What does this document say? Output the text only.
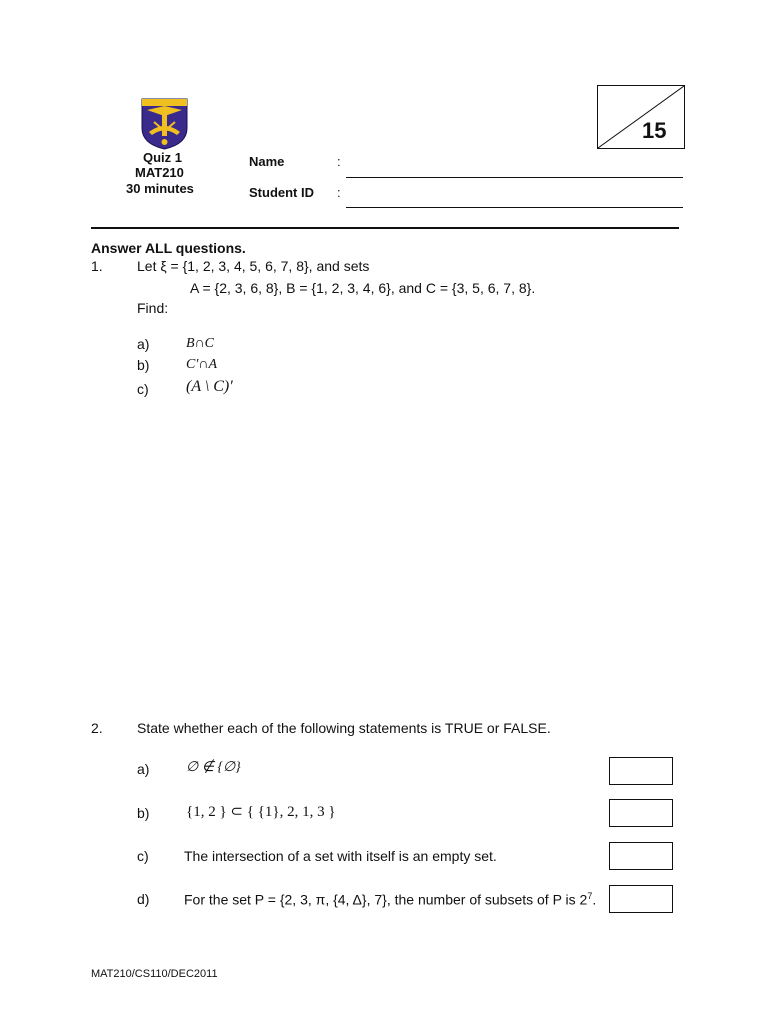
Quiz 1
MAT210
30 minutes
Name	:
Student ID :
15
Answer ALL questions.
1. Let ξ = {1, 2, 3, 4, 5, 6, 7, 8}, and sets
A = {2, 3, 6, 8}, B = {1, 2, 3, 4, 6}, and C = {3, 5, 6, 7, 8}.
Find:
a)	B∩C
b)	C′∩A
c) (A \ C)′
2. State whether each of the following statements is TRUE or FALSE.
a)	∅ ∉ {∅}
b) {1, 2 } ⊂ { {1}, 2, 1, 3 }
c)	The intersection of a set with itself is an empty set.
d) For the set P = {2, 3, π, {4, Δ}, 7}, the number of subsets of P is $2^7$.
MAT210/CS110/DEC2011
